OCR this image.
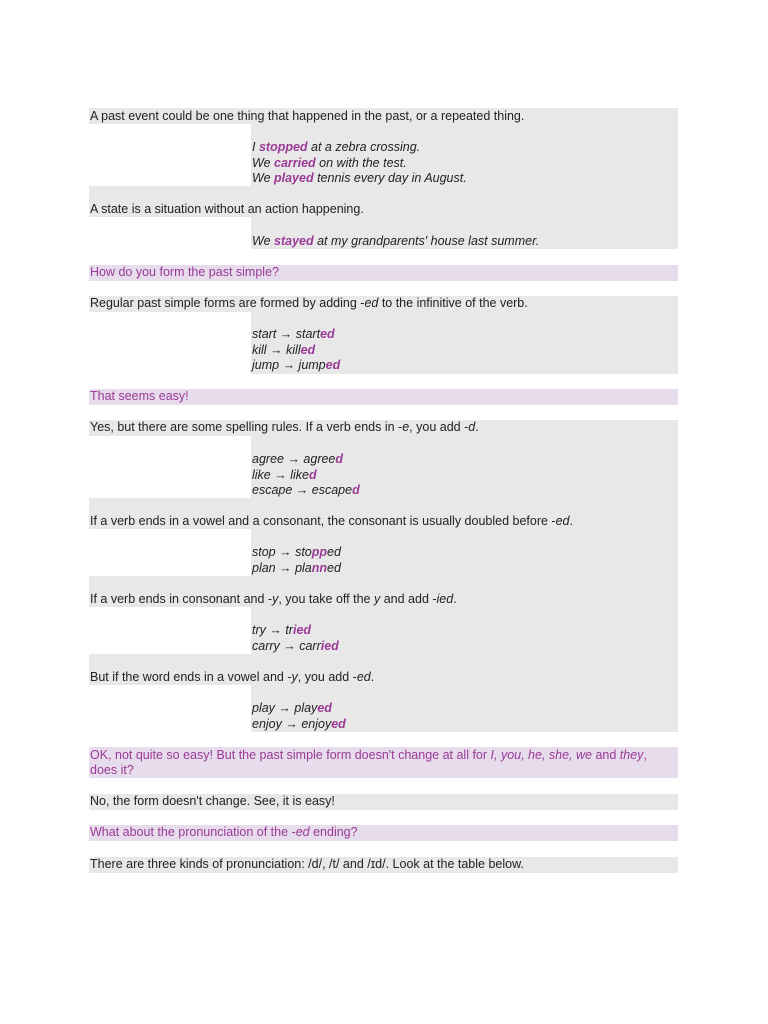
A past event could be one thing that happened in the past, or a repeated thing.
I stopped at a zebra crossing.
We carried on with the test.
We played tennis every day in August.
A state is a situation without an action happening.
We stayed at my grandparents' house last summer.
How do you form the past simple?
Regular past simple forms are formed by adding -ed to the infinitive of the verb.
start → started
kill → killed
jump → jumped
That seems easy!
Yes, but there are some spelling rules. If a verb ends in -e, you add -d.
agree → agreed
like → liked
escape → escaped
If a verb ends in a vowel and a consonant, the consonant is usually doubled before -ed.
stop → stopped
plan → planned
If a verb ends in consonant and -y, you take off the y and add -ied.
try → tried
carry → carried
But if the word ends in a vowel and -y, you add -ed.
play → played
enjoy → enjoyed
OK, not quite so easy! But the past simple form doesn't change at all for I, you, he, she, we and they,
does it?
No, the form doesn't change. See, it is easy!
What about the pronunciation of the -ed ending?
There are three kinds of pronunciation: /d/, /t/ and /ɪd/. Look at the table below.
